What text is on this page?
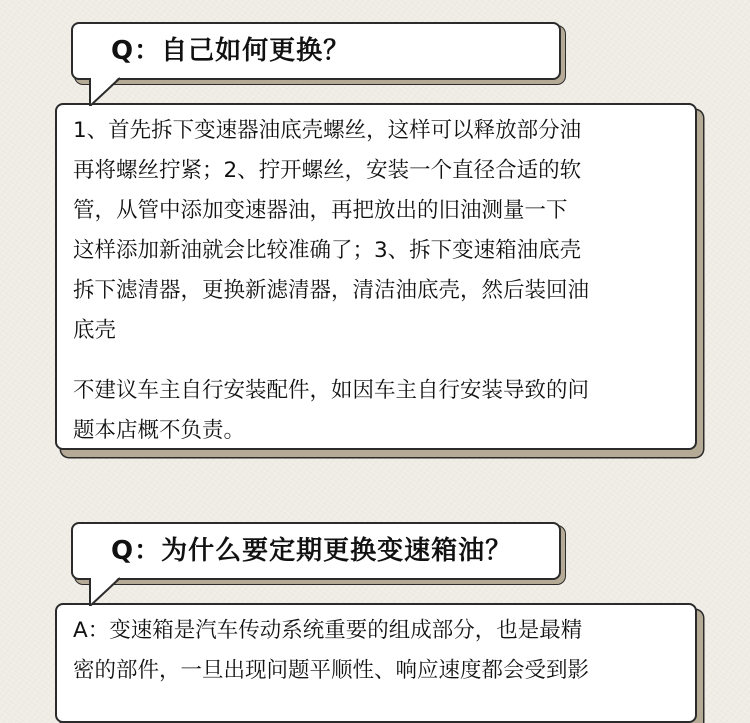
Q：自己如何更换？
1、首先拆下变速器油底壳螺丝，这样可以释放部分油
再将螺丝拧紧；2、拧开螺丝，安装一个直径合适的软
管，从管中添加变速器油，再把放出的旧油测量一下
这样添加新油就会比较准确了；3、拆下变速箱油底壳
拆下滤清器，更换新滤清器，清洁油底壳，然后装回油
底壳
不建议车主自行安装配件，如因车主自行安装导致的问
题本店概不负责。
Q：为什么要定期更换变速箱油？
A：变速箱是汽车传动系统重要的组成部分，也是最精
密的部件，一旦出现问题平顺性、响应速度都会受到影
